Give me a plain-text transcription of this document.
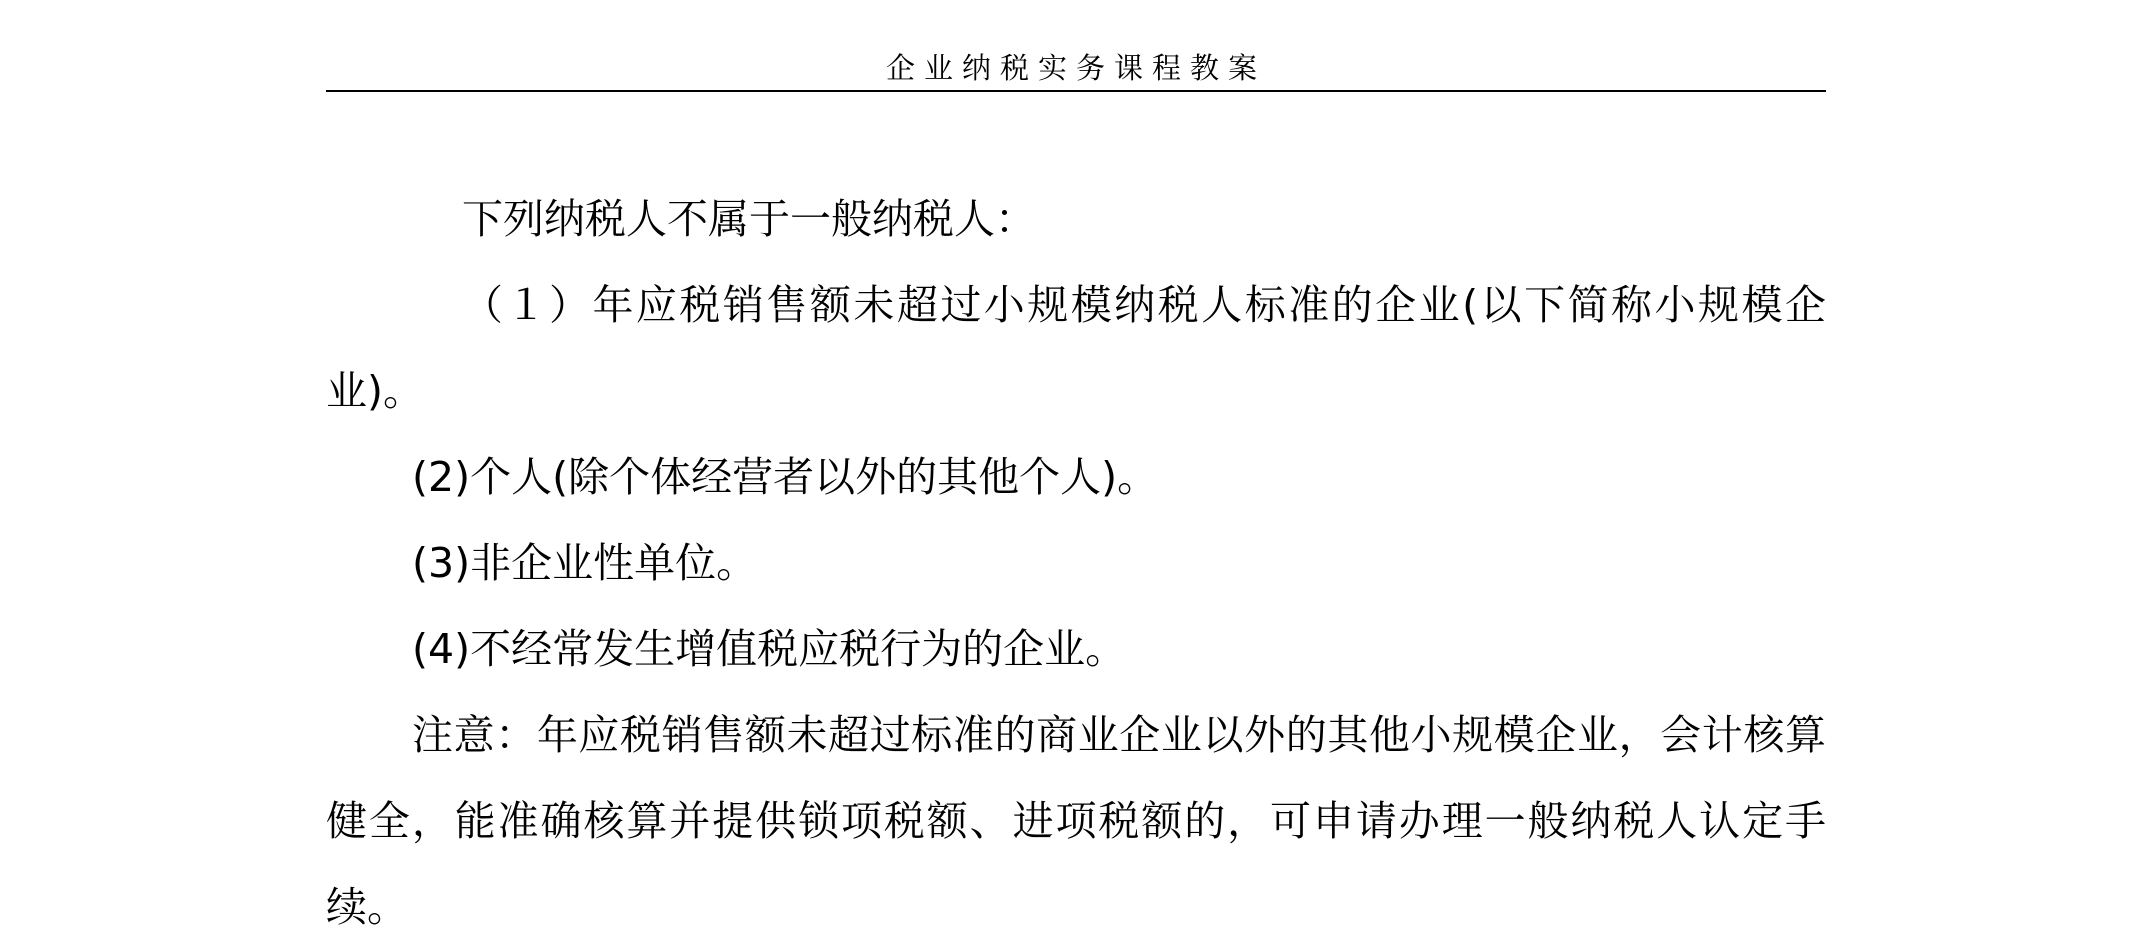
企业纳税实务课程教案

下列纳税人不属于一般纳税人：

（１）年应税销售额未超过小规模纳税人标准的企业(以下简称小规模企业)。

(2)个人(除个体经营者以外的其他个人)。

(3)非企业性单位。

(4)不经常发生增值税应税行为的企业。

注意：年应税销售额未超过标准的商业企业以外的其他小规模企业，会计核算健全，能准确核算并提供锁项税额、进项税额的，可申请办理一般纳税人认定手续。
